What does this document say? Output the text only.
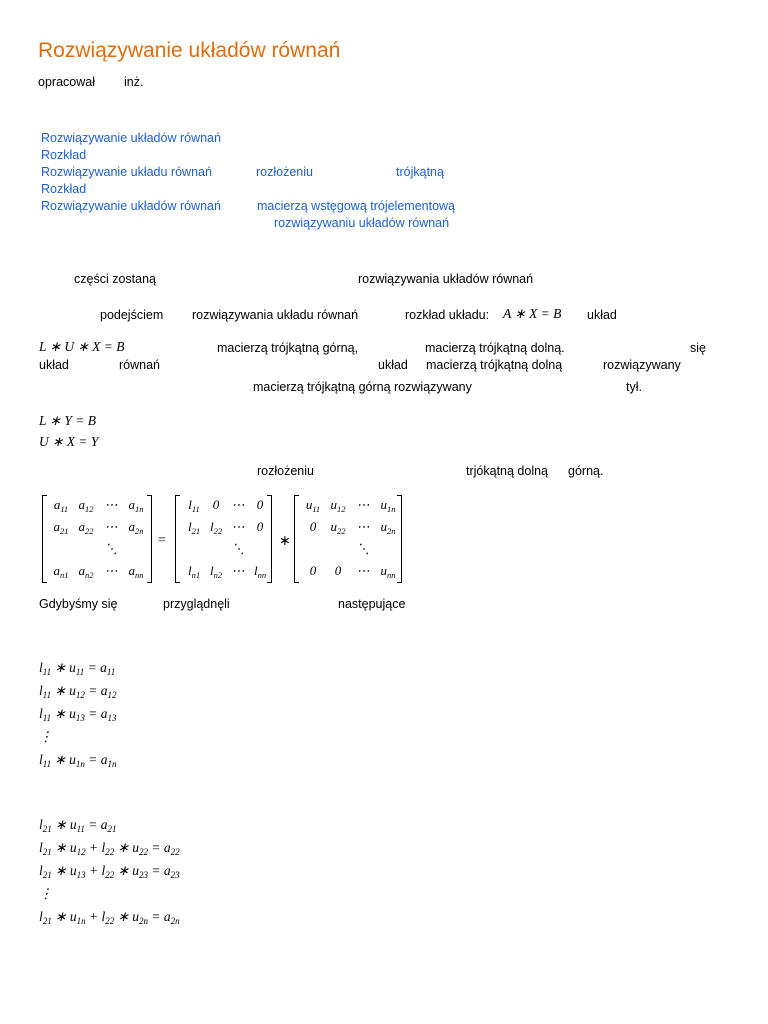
Rozwiązywanie układów równań
opracował inż.
Rozwiązywanie układów równań
Rozkład
Rozwiązywanie układu równań	rozłożeniu	trójkątną
Rozkład
Rozwiązywanie układów równań	macierzą wstęgową trójelementową
rozwiązywaniu układów równań
części zostaną	rozwiązywania układów równań
podejściem rozwiązywania układu równań	rozkład układu: A ∗ X = B układ
L ∗ U ∗ X = B	macierzą trójkątną górną,	macierzą trójkątną dolną.	się
układ	równań	układ macierzą trójkątną dolną	rozwiązywany
macierzą trójkątną górną rozwiązywany	tył.
L ∗ Y = B
U ∗ X = Y
rozłożeniu	trjókątną dolną górną.
$a_{11}$ $a_{12}$ ⋯ $a_{1n}$
$a_{21}$ $a_{22}$ ⋯ $a_{2n}$
⋱
$a_{n1}$ $a_{n2}$ ⋯ $a_{nn}$
=
$l_{11}$	0 ⋯ 0
$l_{21}$ $l_{22}$ ⋯ 0
⋱
$l_{n1}$ $l_{n2}$ ⋯ $l_{nn}$
∗
$u_{11}$ $u_{12}$ ⋯ $u_{1n}$
0	$u_{22}$ ⋯ $u_{2n}$
⋱
0	0	⋯ $u_{nn}$
Gdybyśmy się	przyglądnęli	następujące
$l_{11}$ ∗ $u_{11} = a_{11}$
$l_{11}$ ∗ $u_{12} = a_{12}$
$l_{11}$ ∗ $u_{13} = a_{13}$
⋮
$l_{11}$ ∗ $u_{1n} = a_{1n}$
$l_{21}$ ∗ $u_{11} = a_{21}$
$l_{21}$ ∗ $u_{12} + l_{22}$ ∗ $u_{22} = a_{22}$
$l_{21}$ ∗ $u_{13} + l_{22}$ ∗ $u_{23} = a_{23}$
⋮
$l_{21}$ ∗ $u_{1n} + l_{22}$ ∗ $u_{2n} = a_{2n}$
